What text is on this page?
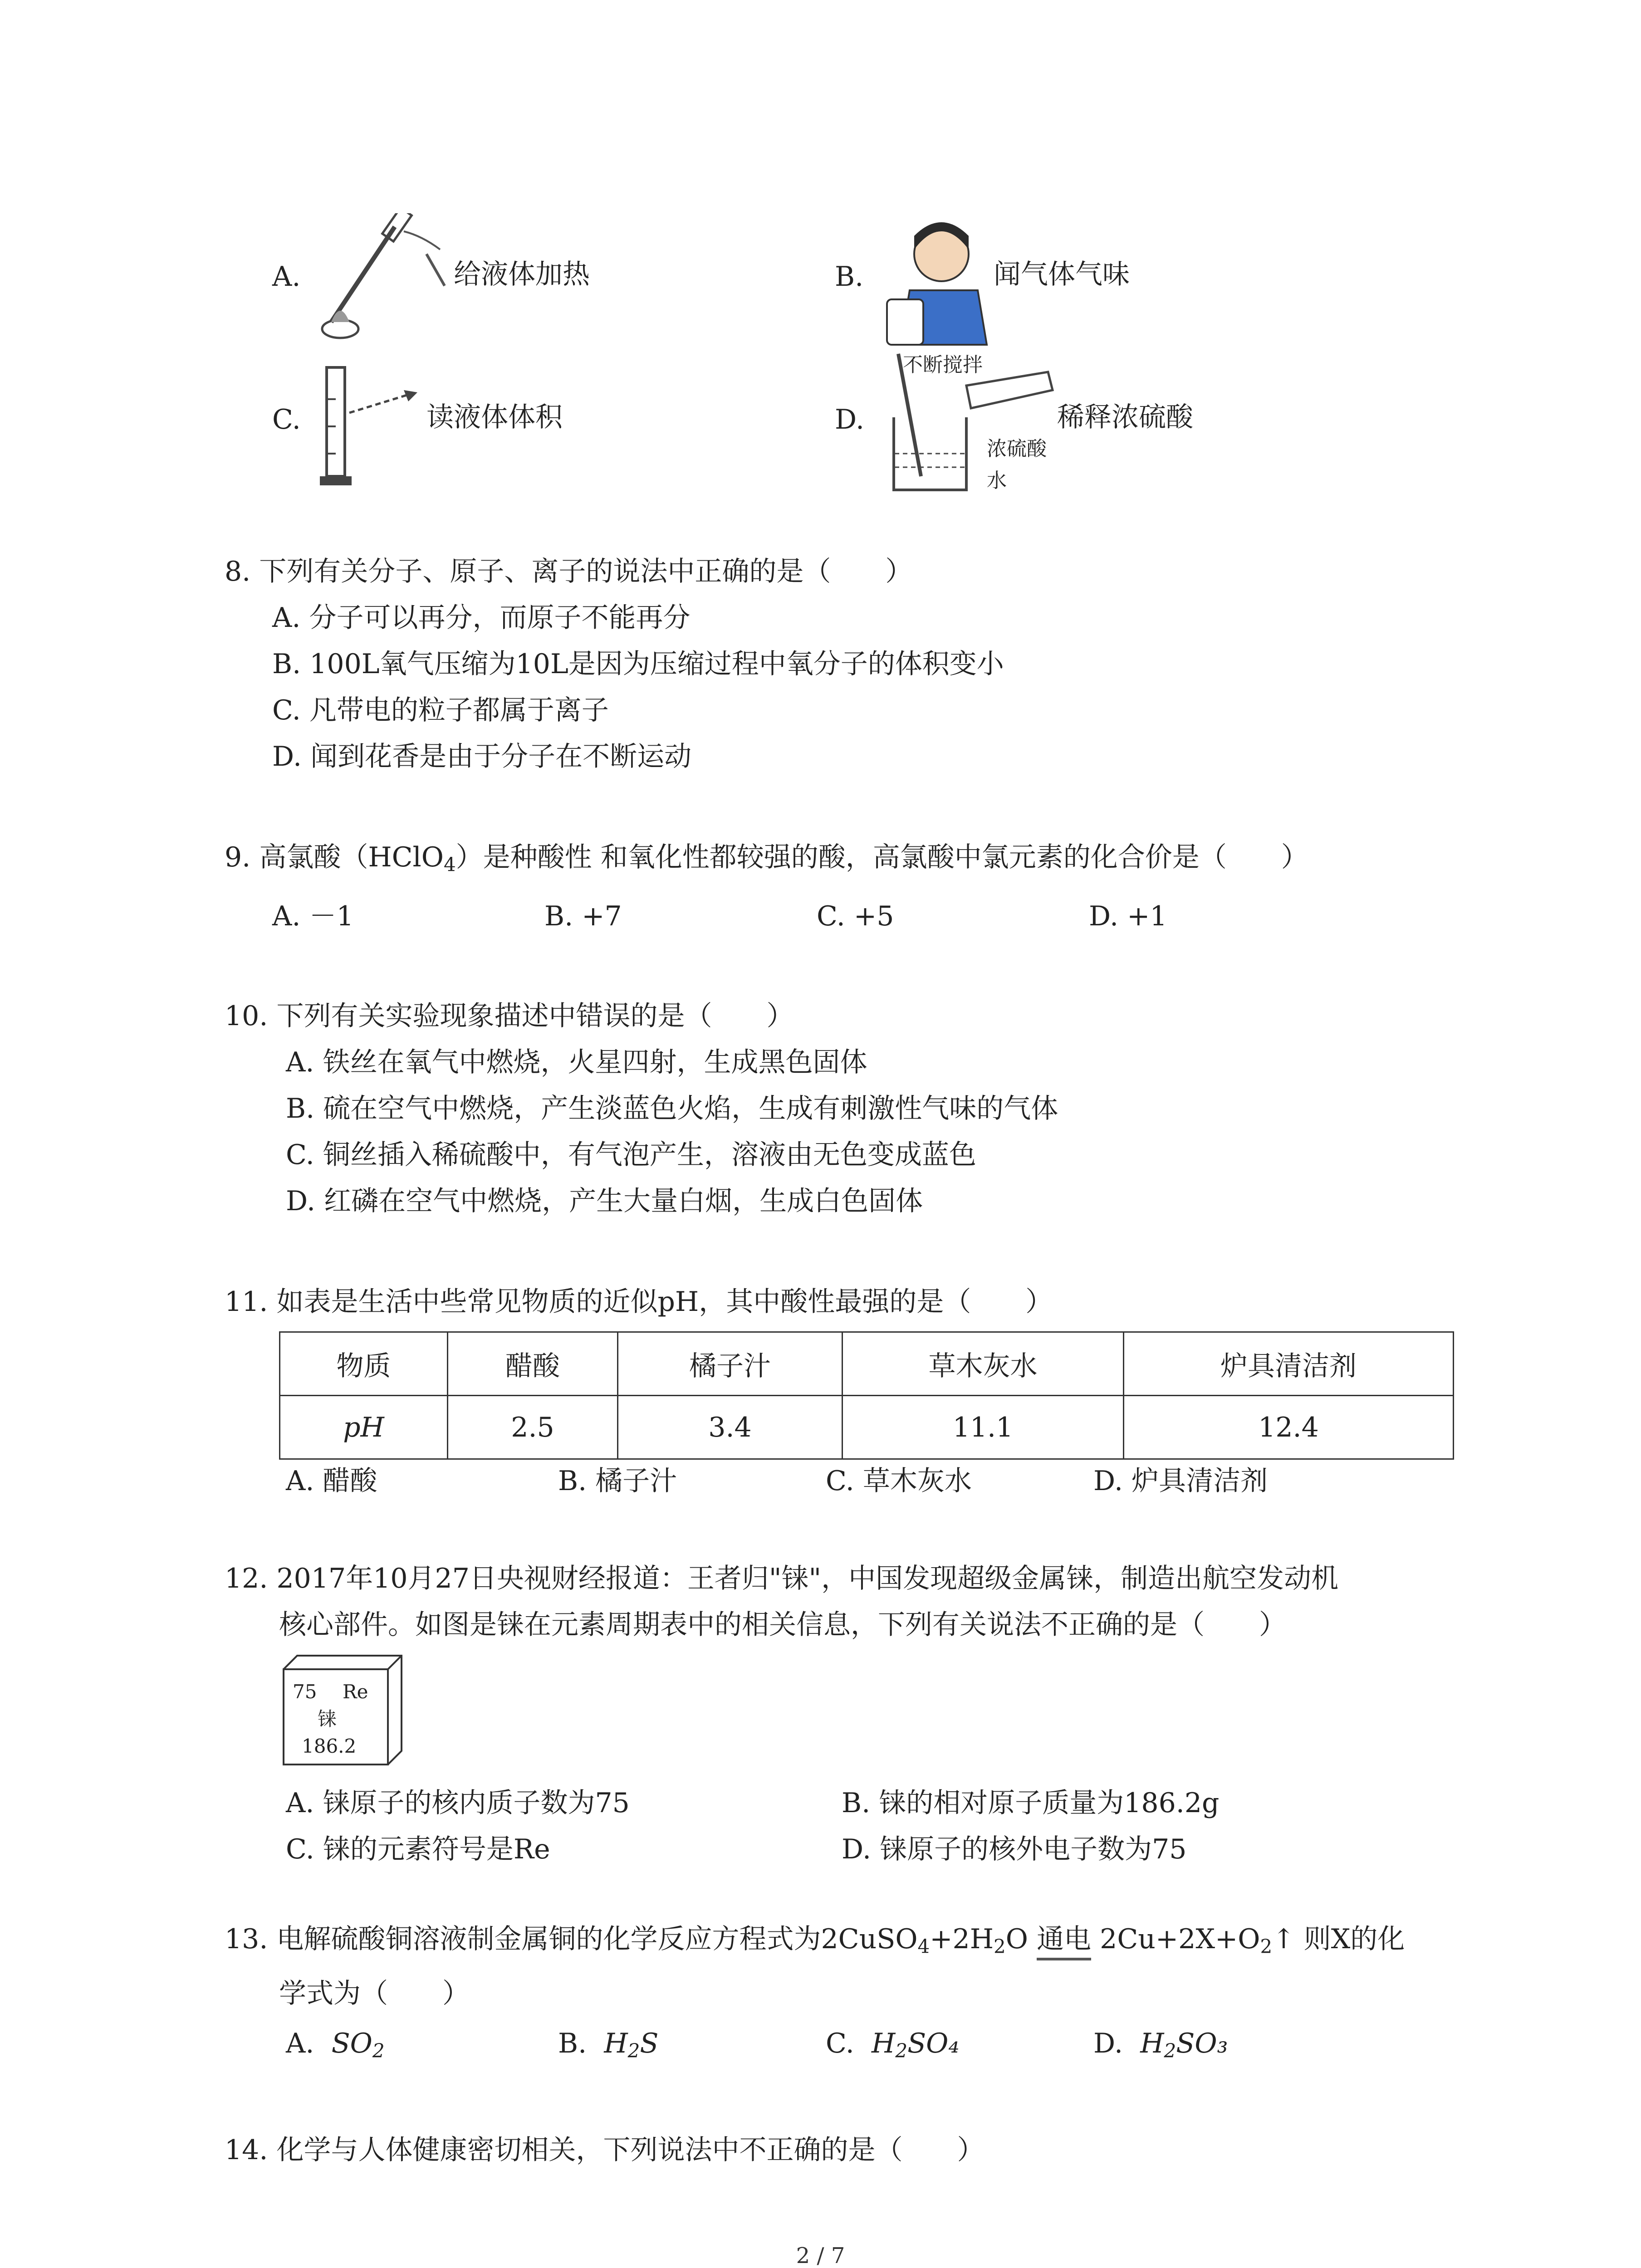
A.	给液体加热	B.	闻气体气味
C.	读液体体积	D.
不断搅拌
浓硫酸
水
稀释浓硫酸
8. 下列有关分子、原子、离子的说法中正确的是（　　）
A. 分子可以再分，而原子不能再分
B. 100L氧气压缩为10L是因为压缩过程中氧分子的体积变小
C. 凡带电的粒子都属于离子
D. 闻到花香是由于分子在不断运动
9. 高氯酸（HClO$_4$）是种酸性 和氧化性都较强的酸，高氯酸中氯元素的化合价是（　　）
A. －1	B. +7	C. +5	D. +1
10. 下列有关实验现象描述中错误的是（　　）
A. 铁丝在氧气中燃烧，火星四射，生成黑色固体
B. 硫在空气中燃烧，产生淡蓝色火焰，生成有刺激性气味的气体
C. 铜丝插入稀硫酸中，有气泡产生，溶液由无色变成蓝色
D. 红磷在空气中燃烧，产生大量白烟，生成白色固体
11. 如表是生活中些常见物质的近似pH，其中酸性最强的是（　　）
物质	醋酸	橘子汁	草木灰水	炉具清洁剂
pH	2.5	3.4	11.1	12.4
A. 醋酸	B. 橘子汁	C. 草木灰水	D. 炉具清洁剂
12. 2017年10月27日央视财经报道：王者归"铼"，中国发现超级金属铼，制造出航空发动机
核心部件。如图是铼在元素周期表中的相关信息，下列有关说法不正确的是（　　）
75 Re
铼
186.2
A. 铼原子的核内质子数为75	B. 铼的相对原子质量为186.2g
C. 铼的元素符号是Re	D. 铼原子的核外电子数为75
13. 电解硫酸铜溶液制金属铜的化学反应方程式为$2CuSO_4+2H_2O$ 通电 $2Cu+2X+O_2↑$ 则X的化
学式为（　　）
A. $SO_2$	B. $H_2S$	C. $H_2SO_4$	D. $H_2SO_3$
14. 化学与人体健康密切相关，下列说法中不正确的是（　　）
2 / 7
